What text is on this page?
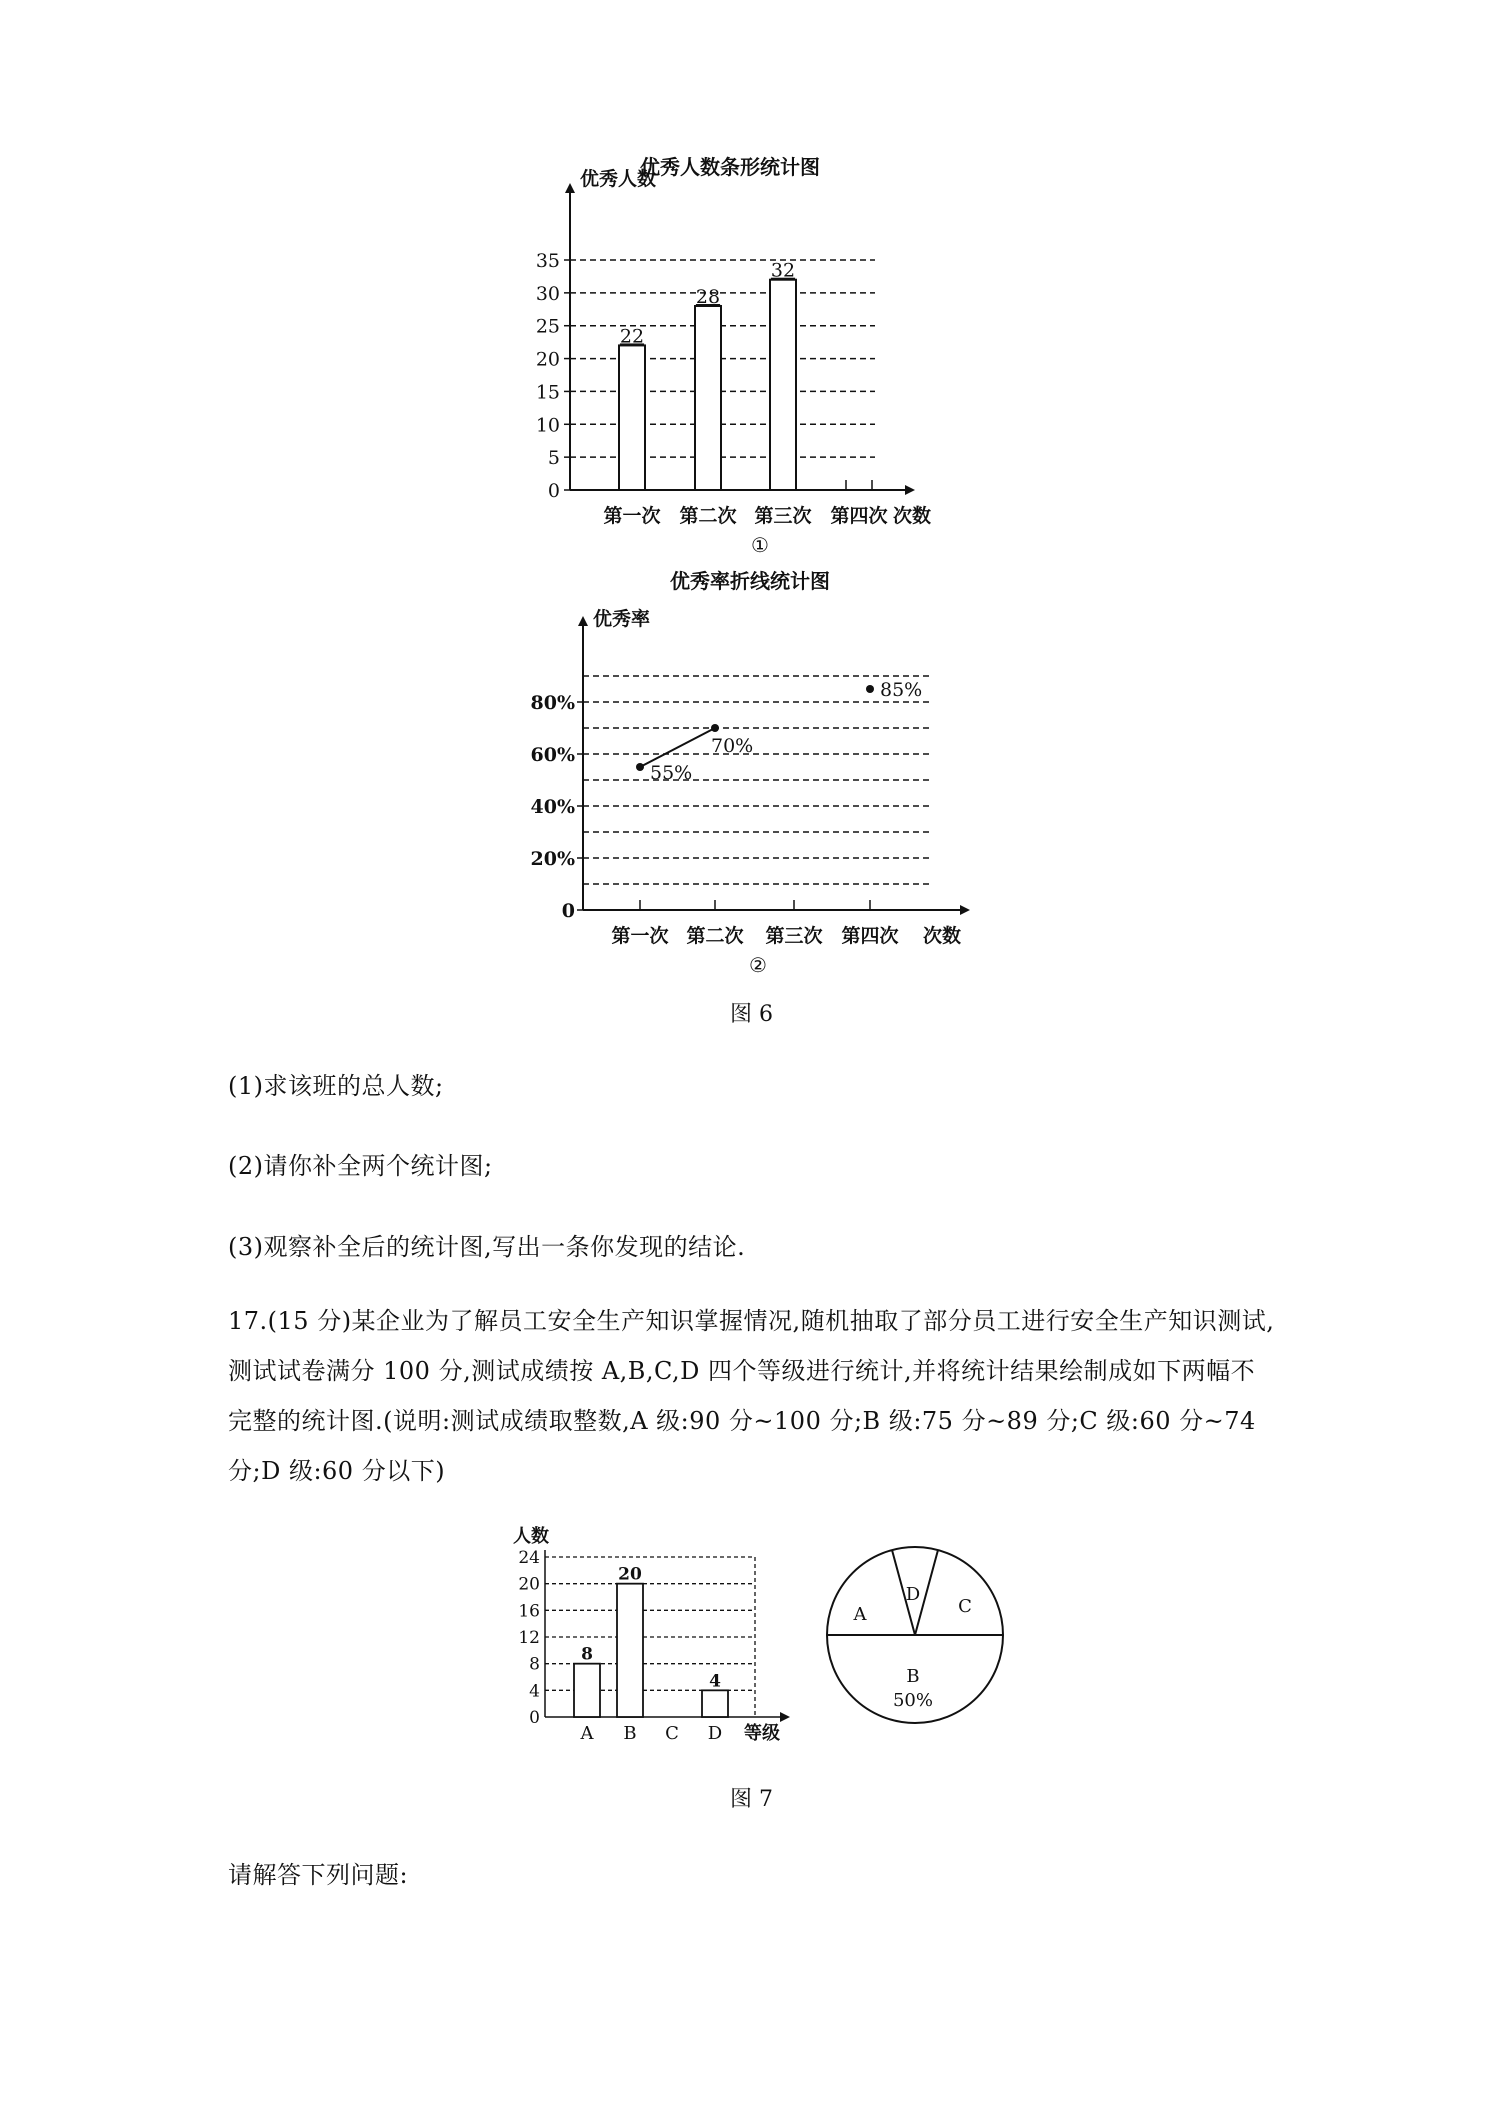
优秀人数条形统计图
优秀人数
0
5
10
15
20
25
30
35
22
第一次
28
第二次
32
第三次 第四次 次数
①
优秀率折线统计图
优秀率
0
20%
40%
60%
80%
第一次 第二次 第三次 第四次 次数
55%
70%
85%
②
图 6

(1)求该班的总人数;

(2)请你补全两个统计图;

(3)观察补全后的统计图,写出一条你发现的结论.

17.(15 分)某企业为了解员工安全生产知识掌握情况,随机抽取了部分员工进行安全生产知识测试,测试试卷满分 100 分,测试成绩按 A,B,C,D 四个等级进行统计,并将统计结果绘制成如下两幅不完整的统计图.(说明:测试成绩取整数,A 级:90 分~100 分;B 级:75 分~89 分;C 级:60 分~74 分;D 级:60 分以下)

人数
0
4
8
12
16
20
24
8
A
20
B C
4
D 等级
A
B
50%
C
D
图 7

请解答下列问题:
